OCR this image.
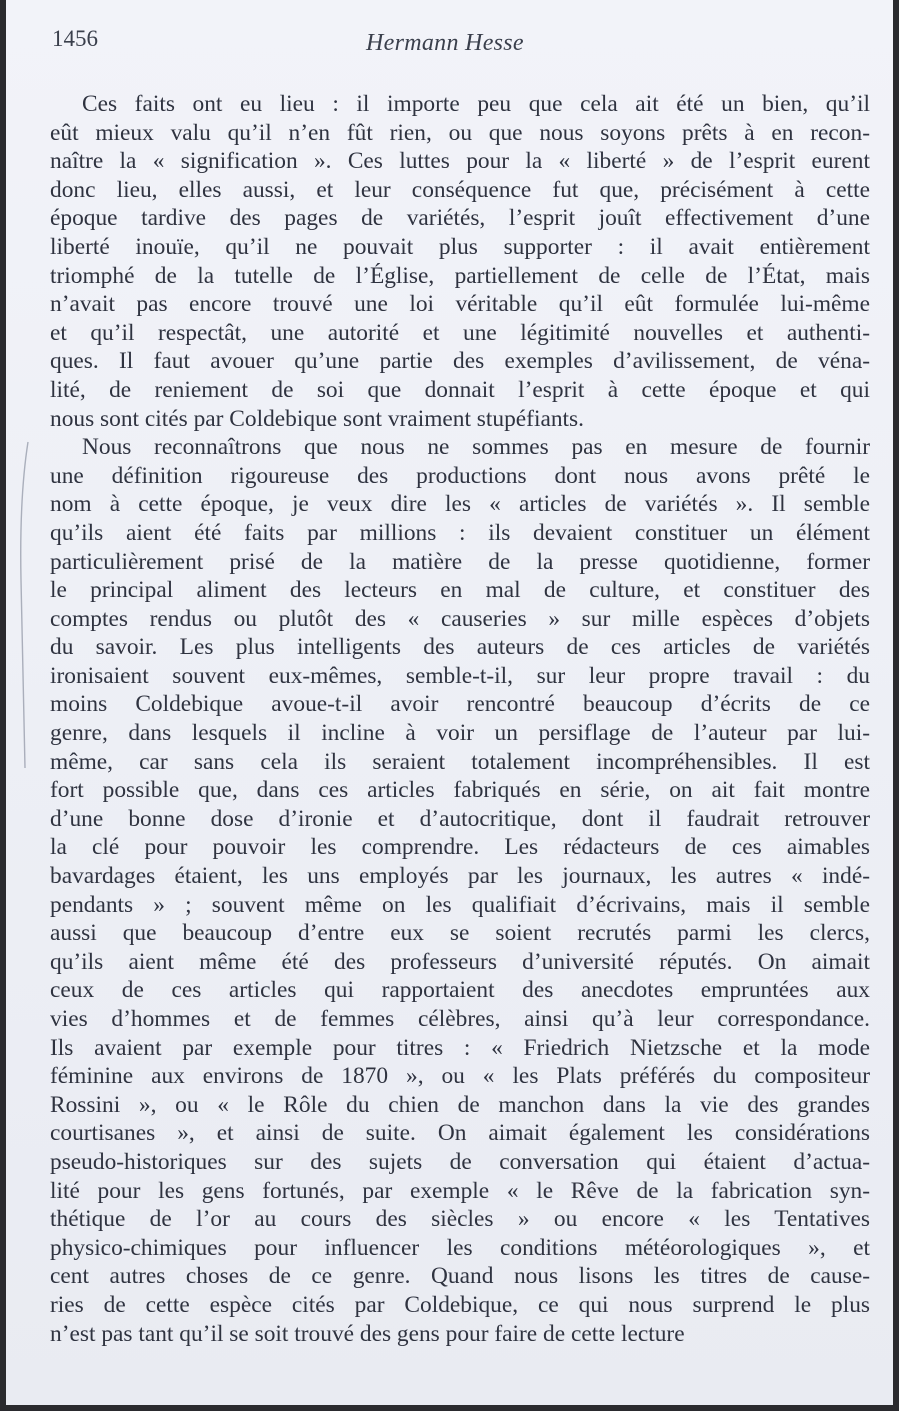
1456	Hermann Hesse

Ces faits ont eu lieu : il importe peu que cela ait été un bien, qu’il
eût mieux valu qu’il n’en fût rien, ou que nous soyons prêts à en recon-
naître la « signification ». Ces luttes pour la « liberté » de l’esprit eurent
donc lieu, elles aussi, et leur conséquence fut que, précisément à cette
époque tardive des pages de variétés, l’esprit jouît effectivement d’une
liberté inouïe, qu’il ne pouvait plus supporter : il avait entièrement
triomphé de la tutelle de l’Église, partiellement de celle de l’État, mais
n’avait pas encore trouvé une loi véritable qu’il eût formulée lui-même
et qu’il respectât, une autorité et une légitimité nouvelles et authenti-
ques. Il faut avouer qu’une partie des exemples d’avilissement, de véna-
lité, de reniement de soi que donnait l’esprit à cette époque et qui
nous sont cités par Coldebique sont vraiment stupéfiants.

Nous reconnaîtrons que nous ne sommes pas en mesure de fournir
une définition rigoureuse des productions dont nous avons prêté le
nom à cette époque, je veux dire les « articles de variétés ». Il semble
qu’ils aient été faits par millions : ils devaient constituer un élément
particulièrement prisé de la matière de la presse quotidienne, former
le principal aliment des lecteurs en mal de culture, et constituer des
comptes rendus ou plutôt des « causeries » sur mille espèces d’objets
du savoir. Les plus intelligents des auteurs de ces articles de variétés
ironisaient souvent eux-mêmes, semble-t-il, sur leur propre travail : du
moins Coldebique avoue-t-il avoir rencontré beaucoup d’écrits de ce
genre, dans lesquels il incline à voir un persiflage de l’auteur par lui-
même, car sans cela ils seraient totalement incompréhensibles. Il est
fort possible que, dans ces articles fabriqués en série, on ait fait montre
d’une bonne dose d’ironie et d’autocritique, dont il faudrait retrouver
la clé pour pouvoir les comprendre. Les rédacteurs de ces aimables
bavardages étaient, les uns employés par les journaux, les autres « indé-
pendants » ; souvent même on les qualifiait d’écrivains, mais il semble
aussi que beaucoup d’entre eux se soient recrutés parmi les clercs,
qu’ils aient même été des professeurs d’université réputés. On aimait
ceux de ces articles qui rapportaient des anecdotes empruntées aux
vies d’hommes et de femmes célèbres, ainsi qu’à leur correspondance.
Ils avaient par exemple pour titres : « Friedrich Nietzsche et la mode
féminine aux environs de 1870 », ou « les Plats préférés du compositeur
Rossini », ou « le Rôle du chien de manchon dans la vie des grandes
courtisanes », et ainsi de suite. On aimait également les considérations
pseudo-historiques sur des sujets de conversation qui étaient d’actua-
lité pour les gens fortunés, par exemple « le Rêve de la fabrication syn-
thétique de l’or au cours des siècles » ou encore « les Tentatives
physico-chimiques pour influencer les conditions météorologiques », et
cent autres choses de ce genre. Quand nous lisons les titres de cause-
ries de cette espèce cités par Coldebique, ce qui nous surprend le plus
n’est pas tant qu’il se soit trouvé des gens pour faire de cette lecture
